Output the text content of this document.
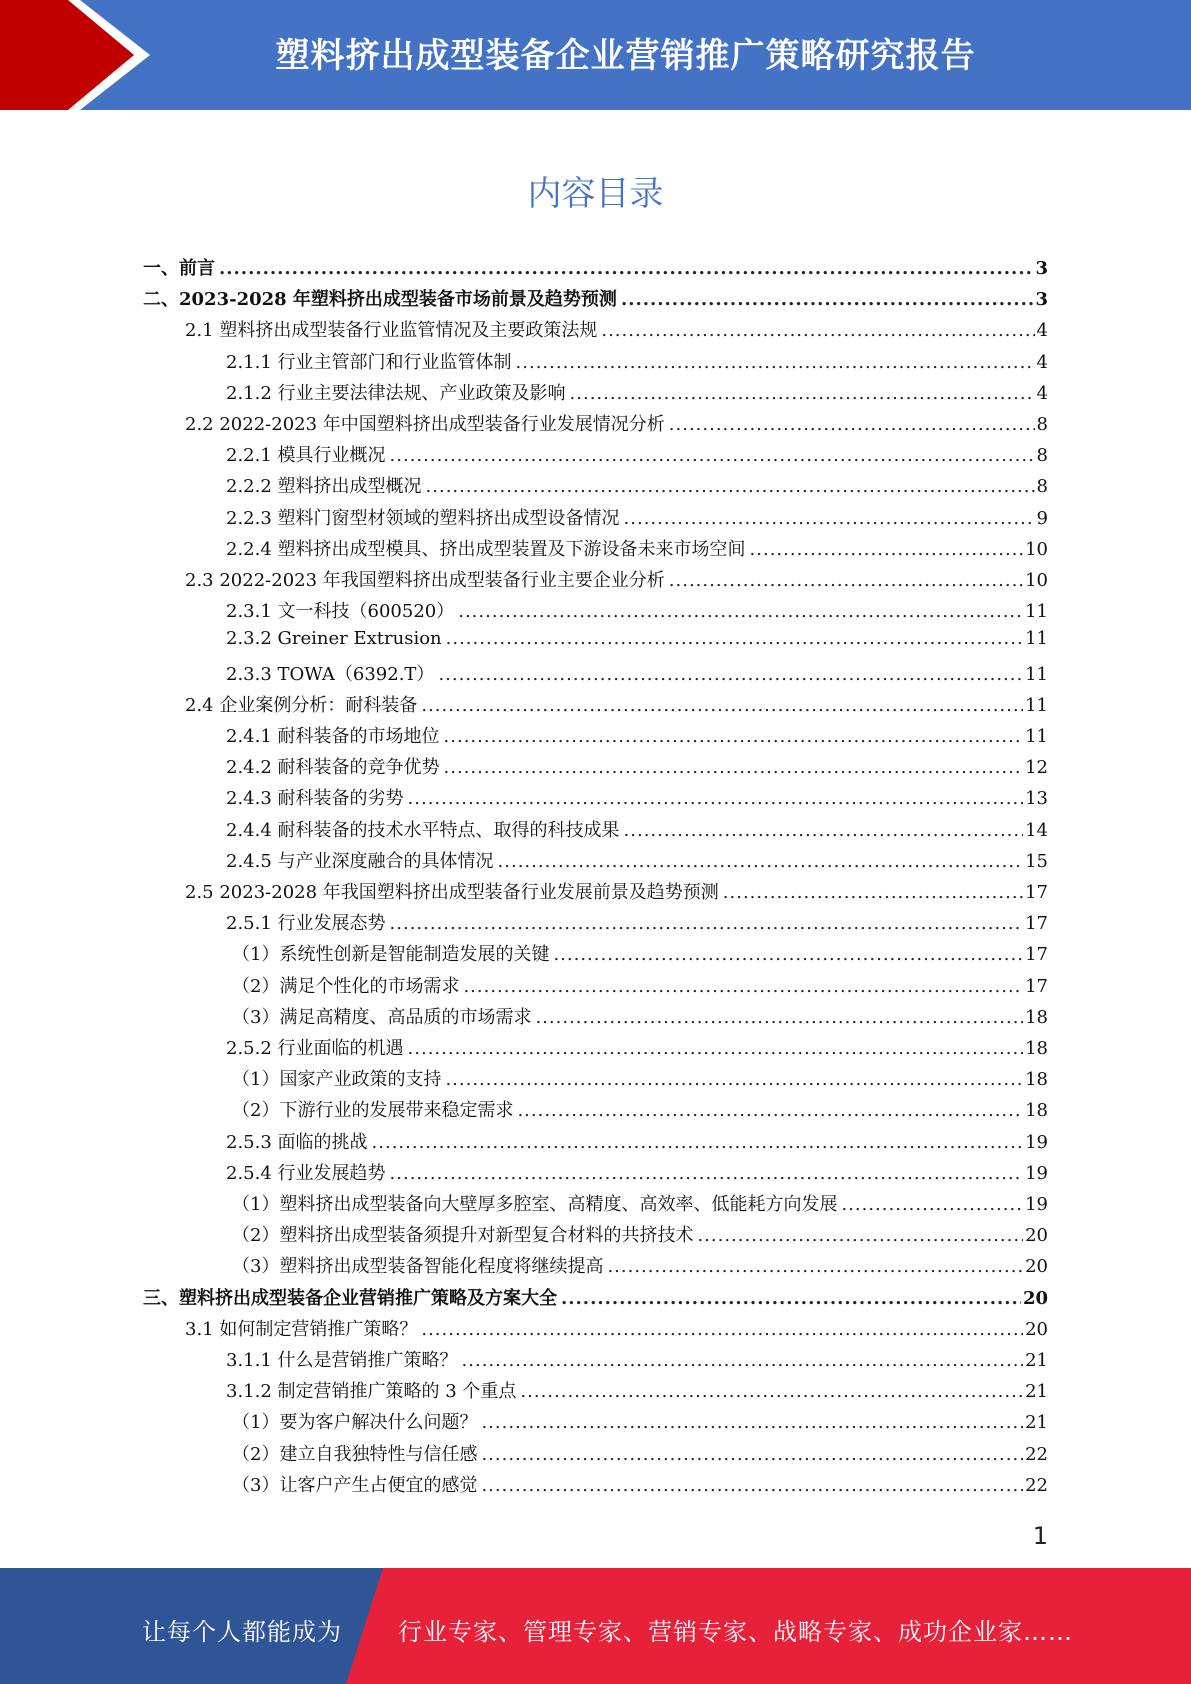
塑料挤出成型装备企业营销推广策略研究报告
内容目录
一、前言 .....	3
二、2023-2028 年塑料挤出成型装备市场前景及趋势预测 .....	3
2.1 塑料挤出成型装备行业监管情况及主要政策法规 .....	4
2.1.1 行业主管部门和行业监管体制 .....	4
2.1.2 行业主要法律法规、产业政策及影响 .....	4
2.2 2022-2023 年中国塑料挤出成型装备行业发展情况分析 .....	8
2.2.1 模具行业概况 .....	8
2.2.2 塑料挤出成型概况 .....	8
2.2.3 塑料门窗型材领域的塑料挤出成型设备情况 .....	9
2.2.4 塑料挤出成型模具、挤出成型装置及下游设备未来市场空间 .....	10
2.3 2022-2023 年我国塑料挤出成型装备行业主要企业分析 .....	10
2.3.1 文一科技（600520） .....	11
2.3.2 Greiner Extrusion .....	11
2.3.3 TOWA（6392.T） .....	11
2.4 企业案例分析：耐科装备 .....	11
2.4.1 耐科装备的市场地位 .....	11
2.4.2 耐科装备的竞争优势 .....	12
2.4.3 耐科装备的劣势 .....	13
2.4.4 耐科装备的技术水平特点、取得的科技成果 .....	14
2.4.5 与产业深度融合的具体情况 .....	15
2.5 2023-2028 年我国塑料挤出成型装备行业发展前景及趋势预测 .....	17
2.5.1 行业发展态势 .....	17
（1）系统性创新是智能制造发展的关键 .....	17
（2）满足个性化的市场需求 .....	17
（3）满足高精度、高品质的市场需求 .....	18
2.5.2 行业面临的机遇 .....	18
（1）国家产业政策的支持 .....	18
（2）下游行业的发展带来稳定需求 .....	18
2.5.3 面临的挑战 .....	19
2.5.4 行业发展趋势 .....	19
（1）塑料挤出成型装备向大壁厚多腔室、高精度、高效率、低能耗方向发展 .....	19
（2）塑料挤出成型装备须提升对新型复合材料的共挤技术 .....	20
（3）塑料挤出成型装备智能化程度将继续提高 .....	20
三、塑料挤出成型装备企业营销推广策略及方案大全 .....	20
3.1 如何制定营销推广策略？ .....	20
3.1.1 什么是营销推广策略？ .....	21
3.1.2 制定营销推广策略的 3 个重点 .....	21
（1）要为客户解决什么问题？ .....	21
（2）建立自我独特性与信任感 .....	22
（3）让客户产生占便宜的感觉 .....	22
1
让每个人都能成为 行业专家、管理专家、营销专家、战略专家、成功企业家……
